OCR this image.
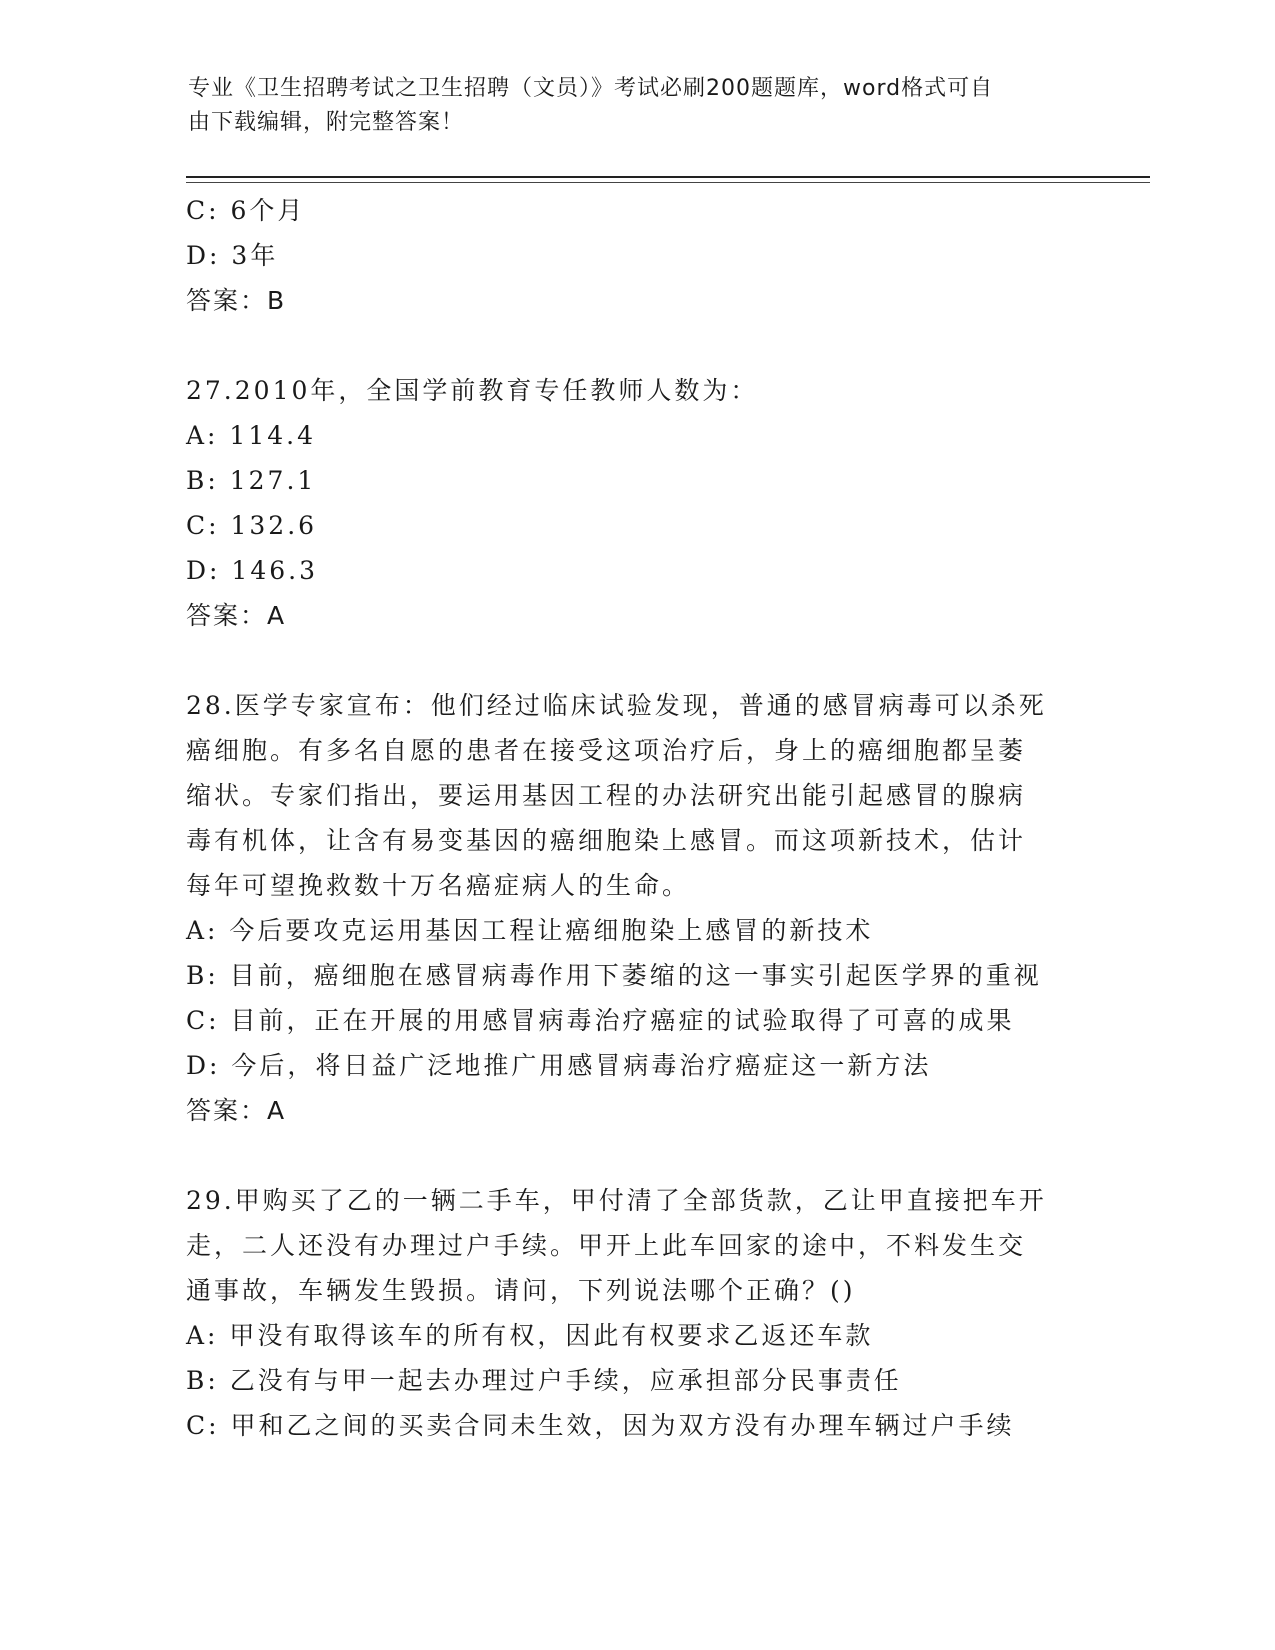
专业《卫生招聘考试之卫生招聘（文员）》考试必刷200题题库，word格式可自
由下载编辑，附完整答案！
C: 6个月
D: 3年
答案：B
27.2010年，全国学前教育专任教师人数为：
A: 114.4
B: 127.1
C: 132.6
D: 146.3
答案：A
28.医学专家宣布：他们经过临床试验发现，普通的感冒病毒可以杀死
癌细胞。有多名自愿的患者在接受这项治疗后，身上的癌细胞都呈萎
缩状。专家们指出，要运用基因工程的办法研究出能引起感冒的腺病
毒有机体，让含有易变基因的癌细胞染上感冒。而这项新技术，估计
每年可望挽救数十万名癌症病人的生命。
A: 今后要攻克运用基因工程让癌细胞染上感冒的新技术
B: 目前，癌细胞在感冒病毒作用下萎缩的这一事实引起医学界的重视
C: 目前，正在开展的用感冒病毒治疗癌症的试验取得了可喜的成果
D: 今后，将日益广泛地推广用感冒病毒治疗癌症这一新方法
答案：A
29.甲购买了乙的一辆二手车，甲付清了全部货款，乙让甲直接把车开
走，二人还没有办理过户手续。甲开上此车回家的途中，不料发生交
通事故，车辆发生毁损。请问，下列说法哪个正确？()
A: 甲没有取得该车的所有权，因此有权要求乙返还车款
B: 乙没有与甲一起去办理过户手续，应承担部分民事责任
C: 甲和乙之间的买卖合同未生效，因为双方没有办理车辆过户手续
